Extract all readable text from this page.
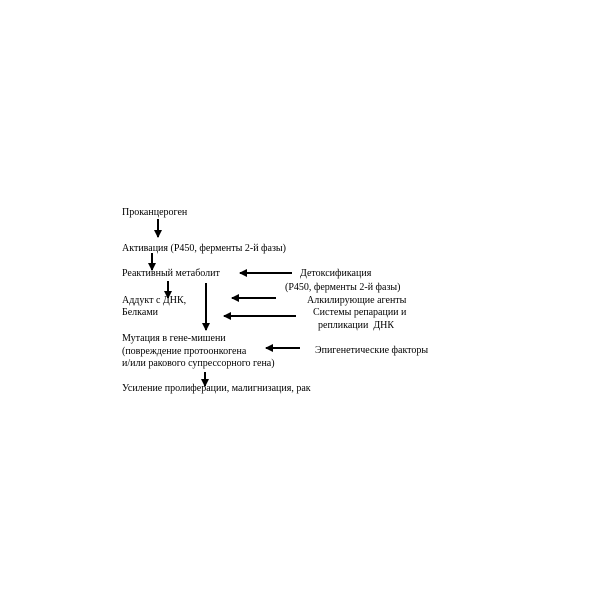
Проканцероген
Активация (Р450, ферменты 2-й фазы)
Реактивный метаболит	Детоксификация
(Р450, ферменты 2-й фазы)
Аддукт с ДНК,
Белками
Алкилирующие агенты
Системы репарации и
репликации  ДНК
Мутация в гене-мишени
(повреждение протоонкогена
и/или ракового супрессорного гена)
Эпигенетические факторы
Усиление пролиферации, малигнизация, рак
